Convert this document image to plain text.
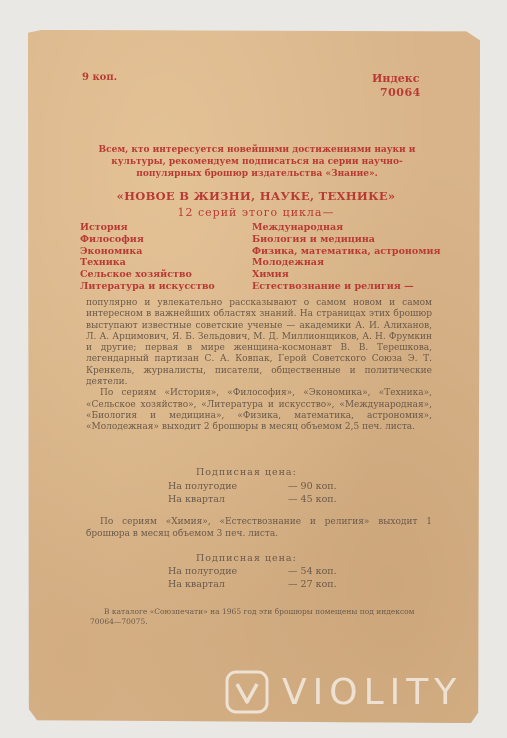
9 коп.	Индекс
70064
Всем, кто интересуется новейшими достижениями науки и культуры, рекомендуем подписаться на серии научно-популярных брошюр издательства «Знание».
«НОВОЕ В ЖИЗНИ, НАУКЕ, ТЕХНИКЕ»
12 серий этого цикла—
История
Философия
Экономика
Техника
Сельское хозяйство
Литература и искусство
Международная
Биология и медицина
Физика, математика, астрономия
Молодежная
Химия
Естествознание и религия —

популярно и увлекательно рассказывают о самом новом и самом интересном в важнейших областях знаний. На страницах этих брошюр выступают известные советские ученые — академики А. И. Алиханов, Л. А. Арцимович, Я. Б. Зельдович, М. Д. Миллионщиков, А. Н. Фрумкин и другие; первая в мире женщина-космонавт В. В. Терешкова, легендарный партизан С. А. Ковпак, Герой Советского Союза Э. Т. Кренкель, журналисты, писатели, общественные и политические деятели.

По сериям «История», «Философия», «Экономика», «Техника», «Сельское хозяйство», «Литература и искусство», «Международная», «Биология и медицина», «Физика, математика, астрономия», «Молодежная» выходит 2 брошюры в месяц объемом 2,5 печ. листа.

Подписная цена:
На полугодие	— 90 коп.
На квартал	— 45 коп.
По сериям «Химия», «Естествознание и религия» выходит 1 брошюра в месяц объемом 3 печ. листа.
Подписная цена:
На полугодие	— 54 коп.
На квартал	— 27 коп.
В каталоге «Союзпечати» на 1965 год эти брошюры помещены под индексом 70064—70075.
VIOLITY
